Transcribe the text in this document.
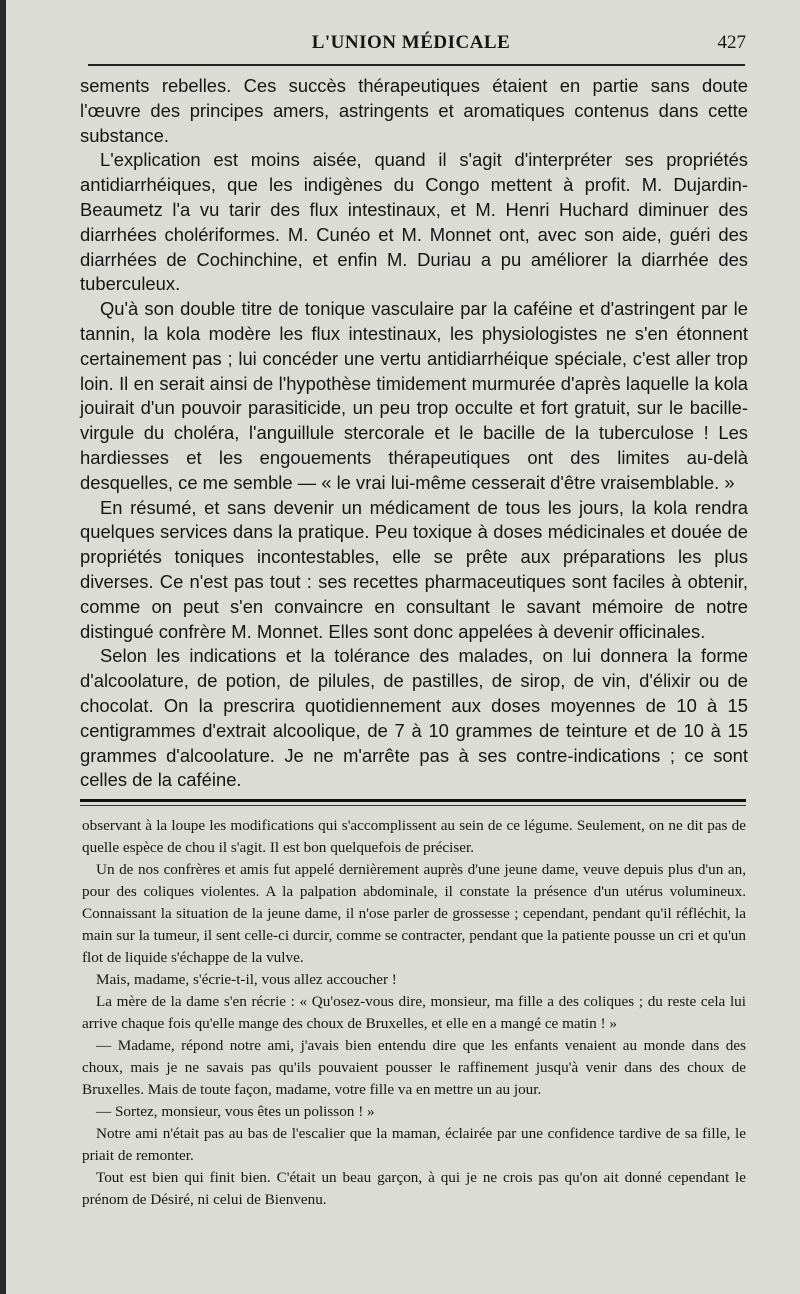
L'UNION MÉDICALE	427

sements rebelles. Ces succès thérapeutiques étaient en partie sans doute l'œuvre des principes amers, astringents et aromatiques contenus dans cette substance.

L'explication est moins aisée, quand il s'agit d'interpréter ses propriétés antidiarrhéiques, que les indigènes du Congo mettent à profit. M. Dujardin-Beaumetz l'a vu tarir des flux intestinaux, et M. Henri Huchard diminuer des diarrhées cholériformes. M. Cunéo et M. Monnet ont, avec son aide, guéri des diarrhées de Cochinchine, et enfin M. Duriau a pu améliorer la diarrhée des tuberculeux.

Qu'à son double titre de tonique vasculaire par la caféine et d'astringent par le tannin, la kola modère les flux intestinaux, les physiologistes ne s'en étonnent certainement pas ; lui concéder une vertu antidiarrhéique spéciale, c'est aller trop loin. Il en serait ainsi de l'hypothèse timidement murmurée d'après laquelle la kola jouirait d'un pouvoir parasiticide, un peu trop occulte et fort gratuit, sur le bacille-virgule du choléra, l'anguillule stercorale et le bacille de la tuberculose ! Les hardiesses et les engouements thérapeutiques ont des limites au-delà desquelles, ce me semble — « le vrai lui-même cesserait d'être vraisemblable. »

En résumé, et sans devenir un médicament de tous les jours, la kola rendra quelques services dans la pratique. Peu toxique à doses médicinales et douée de propriétés toniques incontestables, elle se prête aux préparations les plus diverses. Ce n'est pas tout : ses recettes pharmaceutiques sont faciles à obtenir, comme on peut s'en convaincre en consultant le savant mémoire de notre distingué confrère M. Monnet. Elles sont donc appelées à devenir officinales.

Selon les indications et la tolérance des malades, on lui donnera la forme d'alcoolature, de potion, de pilules, de pastilles, de sirop, de vin, d'élixir ou de chocolat. On la prescrira quotidiennement aux doses moyennes de 10 à 15 centigrammes d'extrait alcoolique, de 7 à 10 grammes de teinture et de 10 à 15 grammes d'alcoolature. Je ne m'arrête pas à ses contre-indications ; ce sont celles de la caféine.

observant à la loupe les modifications qui s'accomplissent au sein de ce légume. Seulement, on ne dit pas de quelle espèce de chou il s'agit. Il est bon quelquefois de préciser.

Un de nos confrères et amis fut appelé dernièrement auprès d'une jeune dame, veuve depuis plus d'un an, pour des coliques violentes. A la palpation abdominale, il constate la présence d'un utérus volumineux. Connaissant la situation de la jeune dame, il n'ose parler de grossesse ; cependant, pendant qu'il réfléchit, la main sur la tumeur, il sent celle-ci durcir, comme se contracter, pendant que la patiente pousse un cri et qu'un flot de liquide s'échappe de la vulve.

Mais, madame, s'écrie-t-il, vous allez accoucher !

La mère de la dame s'en récrie : « Qu'osez-vous dire, monsieur, ma fille a des coliques ; du reste cela lui arrive chaque fois qu'elle mange des choux de Bruxelles, et elle en a mangé ce matin ! »

— Madame, répond notre ami, j'avais bien entendu dire que les enfants venaient au monde dans des choux, mais je ne savais pas qu'ils pouvaient pousser le raffinement jusqu'à venir dans des choux de Bruxelles. Mais de toute façon, madame, votre fille va en mettre un au jour.

— Sortez, monsieur, vous êtes un polisson ! »

Notre ami n'était pas au bas de l'escalier que la maman, éclairée par une confidence tardive de sa fille, le priait de remonter.

Tout est bien qui finit bien. C'était un beau garçon, à qui je ne crois pas qu'on ait donné cependant le prénom de Désiré, ni celui de Bienvenu.
